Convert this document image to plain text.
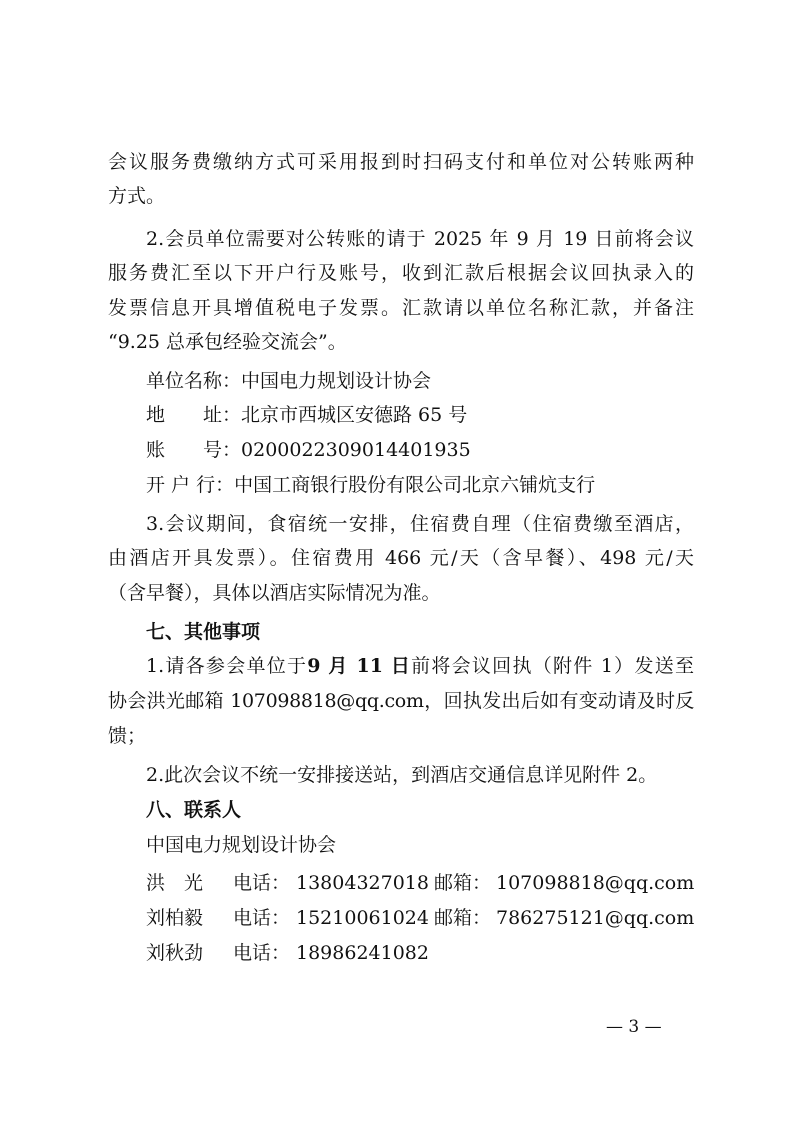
会议服务费缴纳方式可采用报到时扫码支付和单位对公转账两种
方式。
2.会员单位需要对公转账的请于 2025 年 9 月 19 日前将会议
服务费汇至以下开户行及账号，收到汇款后根据会议回执录入的
发票信息开具增值税电子发票。汇款请以单位名称汇款，并备注
“9.25 总承包经验交流会”。
单位名称：中国电力规划设计协会
地　　址：北京市西城区安德路 65 号
账　　号：0200022309014401935
开 户 行：中国工商银行股份有限公司北京六铺炕支行
3.会议期间，食宿统一安排，住宿费自理（住宿费缴至酒店，
由酒店开具发票）。住宿费用 466 元/天（含早餐）、498 元/天
（含早餐），具体以酒店实际情况为准。
七、其他事项
1.请各参会单位于9 月 11 日前将会议回执（附件 1）发送至
协会洪光邮箱 107098818@qq.com，回执发出后如有变动请及时反
馈；
2.此次会议不统一安排接送站，到酒店交通信息详见附件 2。
八、联系人
中国电力规划设计协会
洪　光 电话： 13804327018 邮箱： 107098818@qq.com
刘柏毅 电话： 15210061024 邮箱： 786275121@qq.com
刘秋劲 电话： 18986241082
— 3 —
